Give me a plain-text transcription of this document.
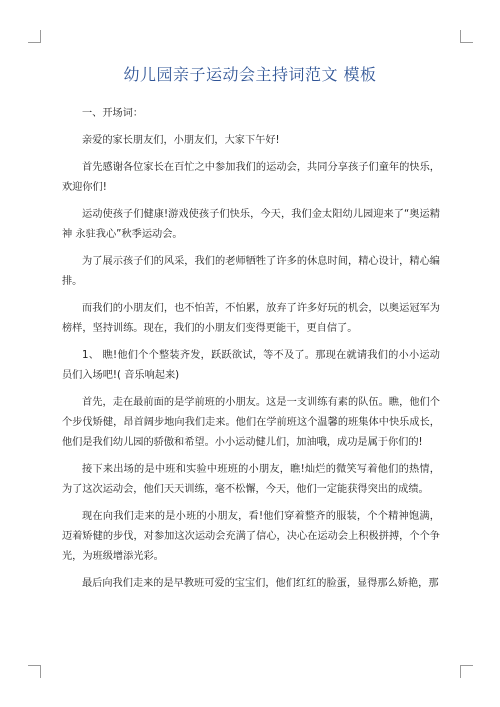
幼儿园亲子运动会主持词范文 模板

一、开场词：

亲爱的家长朋友们，小朋友们，大家下午好!

首先感谢各位家长在百忙之中参加我们的运动会，共同分享孩子们童年的快乐，欢迎你们!

运动使孩子们健康!游戏使孩子们快乐，今天，我们金太阳幼儿园迎来了“奥运精神 永驻我心”秋季运动会。

为了展示孩子们的风采，我们的老师牺牲了许多的休息时间，精心设计，精心编排。

而我们的小朋友们，也不怕苦，不怕累，放弃了许多好玩的机会，以奥运冠军为榜样，坚持训练。现在，我们的小朋友们变得更能干，更自信了。

1、 瞧!他们个个整装齐发，跃跃欲试，等不及了。那现在就请我们的小小运动员们入场吧!( 音乐响起来)

首先，走在最前面的是学前班的小朋友。这是一支训练有素的队伍。瞧，他们个个步伐矫健，昂首阔步地向我们走来。他们在学前班这个温馨的班集体中快乐成长，他们是我们幼儿园的骄傲和希望。小小运动健儿们，加油哦，成功是属于你们的!

接下来出场的是中班和实验中班班的小朋友，瞧!灿烂的微笑写着他们的热情，为了这次运动会，他们天天训练，毫不松懈，今天，他们一定能获得突出的成绩。

现在向我们走来的是小班的小朋友，看!他们穿着整齐的服装，个个精神饱满，迈着矫健的步伐，对参加这次运动会充满了信心，决心在运动会上积极拼搏，个个争光，为班级增添光彩。

最后向我们走来的是早教班可爱的宝宝们，他们红红的脸蛋，显得那么娇艳，那
